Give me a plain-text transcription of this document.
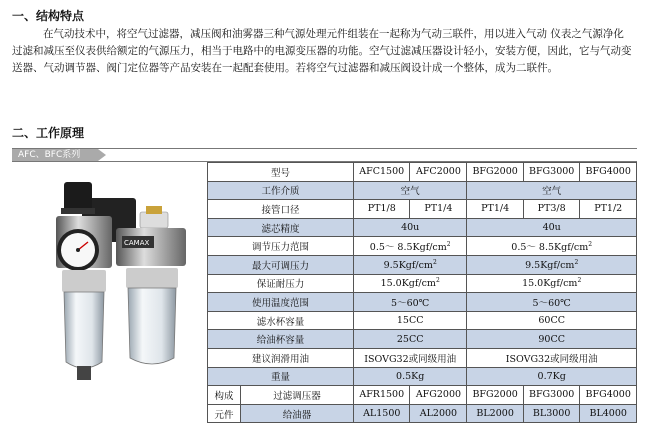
一、结构特点
在气动技术中，将空气过滤器，减压阀和油雾器三种气源处理元件组装在一起称为气动三联件，用以进入气动 仪表之气源净化过滤和减压至仪表供给额定的气源压力，相当于电路中的电源变压器的功能。空气过滤减压器设计轻小，安装方便，因此，它与气动变送器、气动调节器、阀门定位器等产品安装在一起配套使用。若将空气过滤器和减压阀设计成一个整体，成为二联件。
二、工作原理
AFC、BFC系列
CAMAX
型号		AFC1500	AFC2000	BFG2000	BFG3000	BFG4000
工作介质		空气		空气		
接管口径		PT1/8	PT1/4	PT1/4	PT3/8	PT1/2
滤芯精度		40u		40u		
调节压力范围		0.5～ $8.5Kgf/cm^2$		0.5～ $8.5Kgf/cm^2$
最大可调压力		$9.5Kgf/cm^2$		$9.5Kgf/cm^2$
保证耐压力		$15.0Kgf/cm^2$		$15.0Kgf/cm^2$
使用温度范围		5～60℃		5～60℃		
滤水杯容量		15CC		60CC		
给油杯容量		25CC		90CC		
建议润滑用油		ISOVG32或同级用油		ISOVG32或同级用油		
重量		0.5Kg		0.7Kg		
构成	过滤调压器	AFR1500	AFG2000	BFG2000	BFG3000	BFG4000
元件	给油器	AL1500	AL2000	BL2000	BL3000	BL4000
